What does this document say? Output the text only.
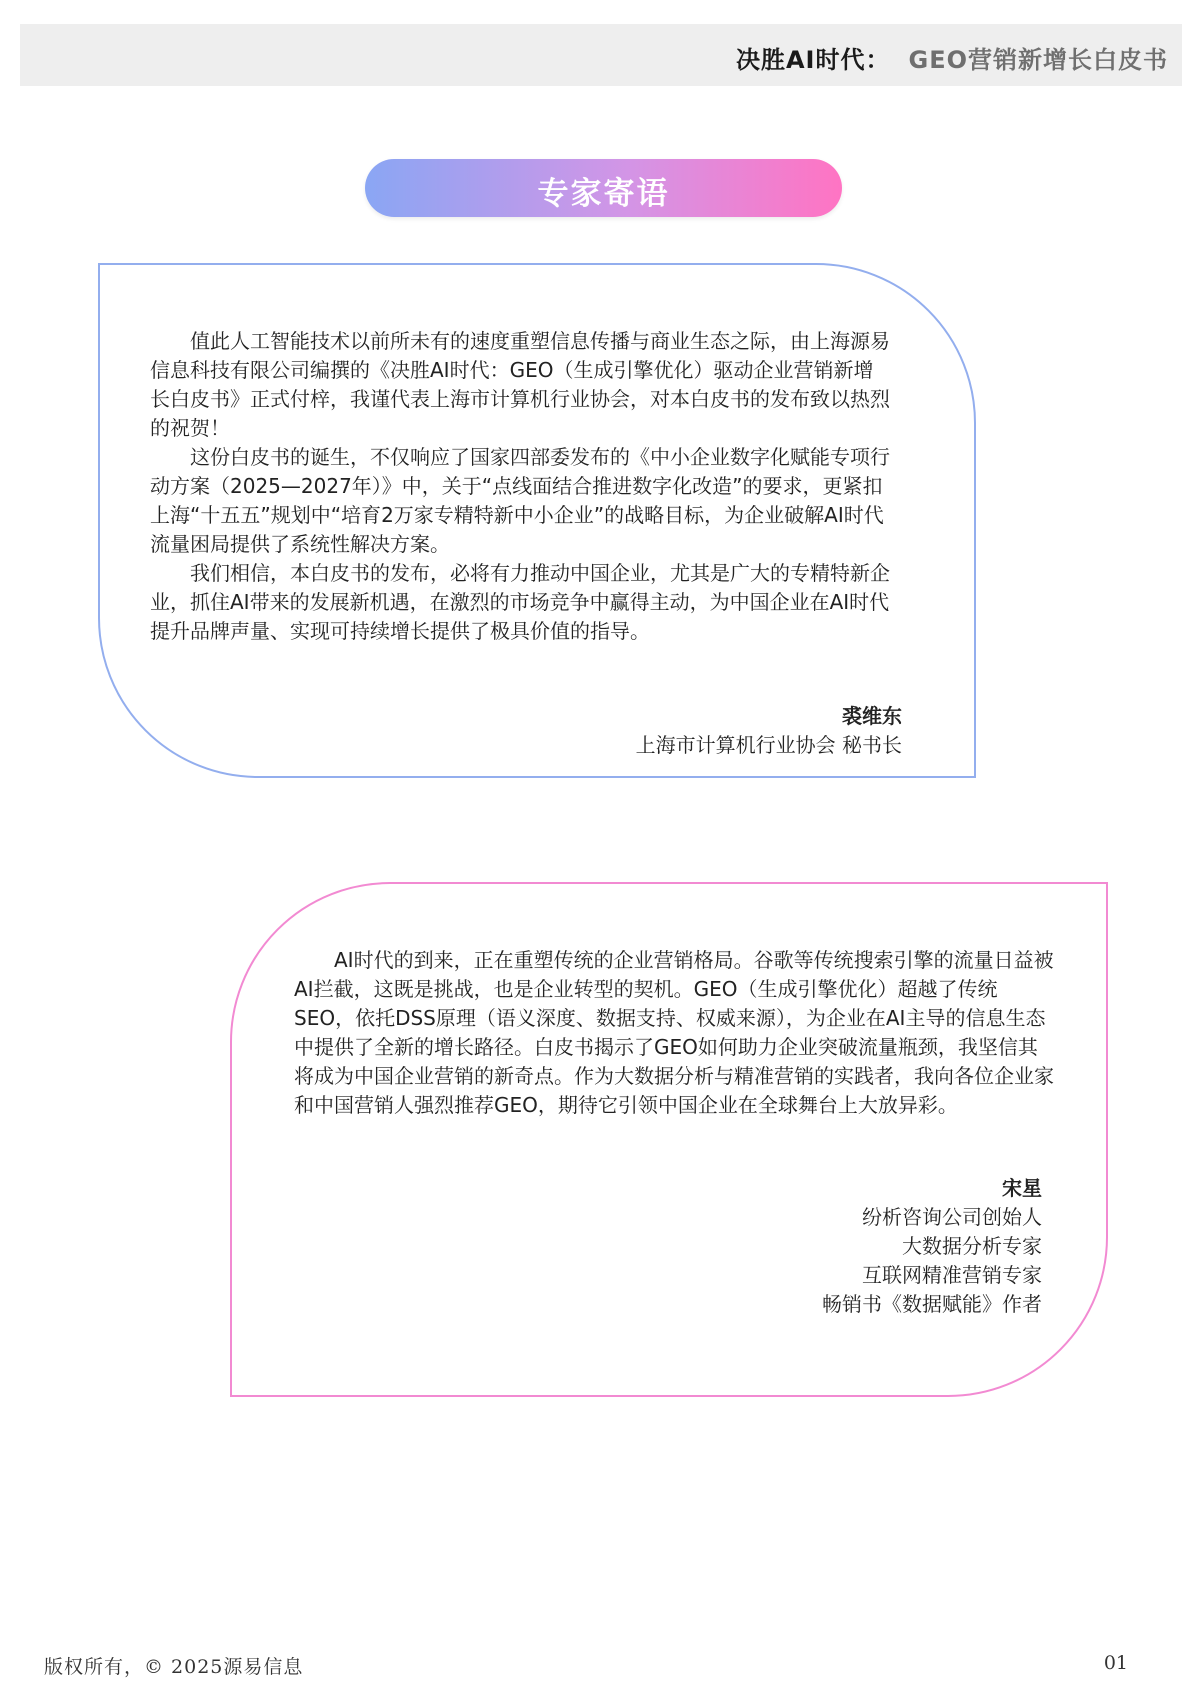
决胜AI时代： GEO营销新增长白皮书
专家寄语

值此人工智能技术以前所未有的速度重塑信息传播与商业生态之际，由上海源易信息科技有限公司编撰的《决胜AI时代：GEO（生成引擎优化）驱动企业营销新增长白皮书》正式付梓，我谨代表上海市计算机行业协会，对本白皮书的发布致以热烈的祝贺！

这份白皮书的诞生，不仅响应了国家四部委发布的《中小企业数字化赋能专项行动方案（2025—2027年）》中，关于“点线面结合推进数字化改造”的要求，更紧扣上海“十五五”规划中“培育2万家专精特新中小企业”的战略目标，为企业破解AI时代流量困局提供了系统性解决方案。

我们相信，本白皮书的发布，必将有力推动中国企业，尤其是广大的专精特新企业，抓住AI带来的发展新机遇，在激烈的市场竞争中赢得主动，为中国企业在AI时代提升品牌声量、实现可持续增长提供了极具价值的指导。

裘维东
上海市计算机行业协会 秘书长

AI时代的到来，正在重塑传统的企业营销格局。谷歌等传统搜索引擎的流量日益被AI拦截，这既是挑战，也是企业转型的契机。GEO（生成引擎优化）超越了传统SEO，依托DSS原理（语义深度、数据支持、权威来源），为企业在AI主导的信息生态中提供了全新的增长路径。白皮书揭示了GEO如何助力企业突破流量瓶颈，我坚信其将成为中国企业营销的新奇点。作为大数据分析与精准营销的实践者，我向各位企业家和中国营销人强烈推荐GEO，期待它引领中国企业在全球舞台上大放异彩。

宋星
纷析咨询公司创始人
大数据分析专家
互联网精准营销专家
畅销书《数据赋能》作者
版权所有，© 2025源易信息	01
